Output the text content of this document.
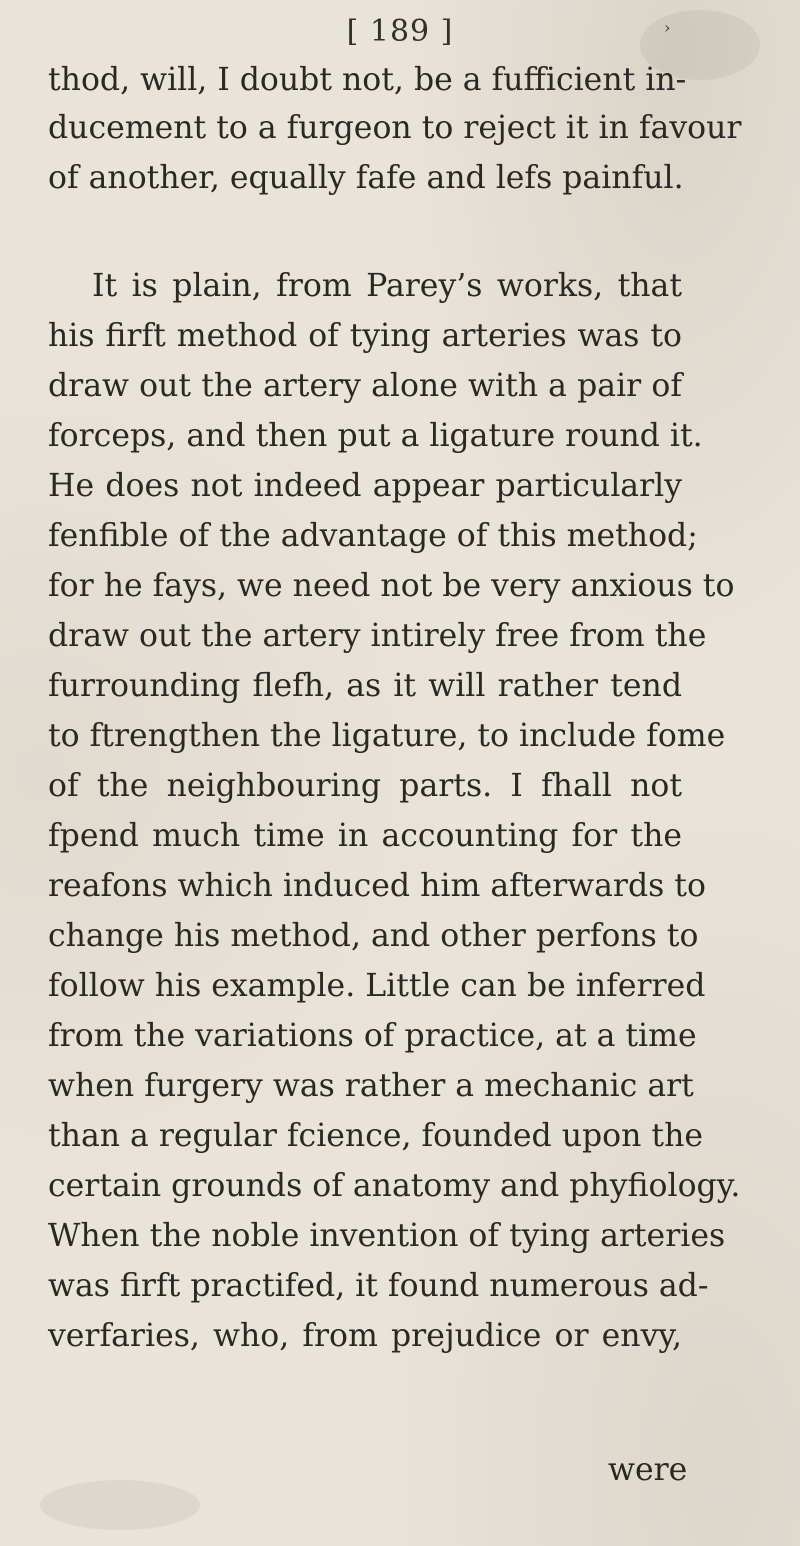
[ 189 ]	›
thod, will, I doubt not, be a fufficient in-
ducement to a furgeon to reject it in favour
of another, equally fafe and lefs painful.
It is plain, from Parey’s works, that
his firft method of tying arteries was to
draw out the artery alone with a pair of
forceps, and then put a ligature round it.
He does not indeed appear particularly
fenfible of the advantage of this method;
for he fays, we need not be very anxious to
draw out the artery intirely free from the
furrounding flefh, as it will rather tend
to ftrengthen the ligature, to include fome
of the neighbouring parts. I fhall not
fpend much time in accounting for the
reafons which induced him afterwards to
change his method, and other perfons to
follow his example. Little can be inferred
from the variations of practice, at a time
when furgery was rather a mechanic art
than a regular fcience, founded upon the
certain grounds of anatomy and phyfiology.
When the noble invention of tying arteries
was firft practifed, it found numerous ad-
verfaries, who, from prejudice or envy,
were
